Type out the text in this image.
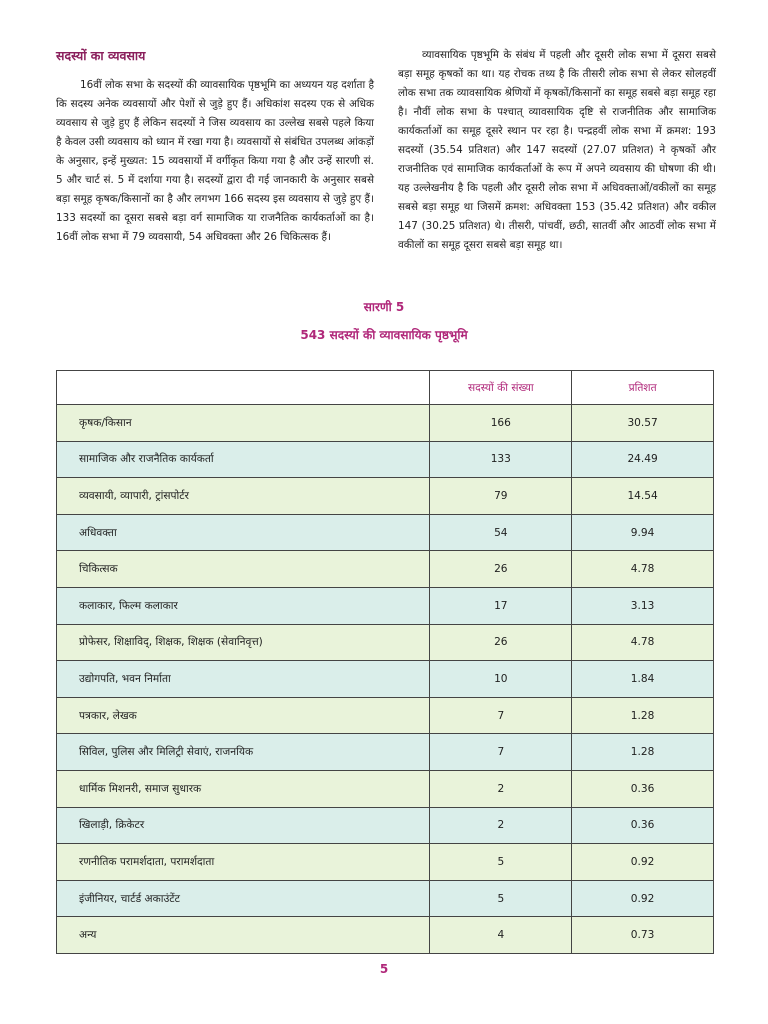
सदस्यों का व्यवसाय

16वीं लोक सभा के सदस्यों की व्यावसायिक पृष्ठभूमि का अध्ययन यह दर्शाता है कि सदस्य अनेक व्यवसायों और पेशों से जुड़े हुए हैं। अधिकांश सदस्य एक से अधिक व्यवसाय से जुड़े हुए हैं लेकिन सदस्यों ने जिस व्यवसाय का उल्लेख सबसे पहले किया है केवल उसी व्यवसाय को ध्यान में रखा गया है। व्यवसायों से संबंधित उपलब्ध आंकड़ों के अनुसार, इन्हें मुख्यत: 15 व्यवसायों में वर्गीकृत किया गया है और उन्हें सारणी सं. 5 और चार्ट सं. 5 में दर्शाया गया है। सदस्यों द्वारा दी गई जानकारी के अनुसार सबसे बड़ा समूह कृषक/किसानों का है और लगभग 166 सदस्य इस व्यवसाय से जुड़े हुए हैं। 133 सदस्यों का दूसरा सबसे बड़ा वर्ग सामाजिक या राजनैतिक कार्यकर्ताओं का है। 16वीं लोक सभा में 79 व्यवसायी, 54 अधिवक्ता और 26 चिकित्सक हैं।

व्यावसायिक पृष्ठभूमि के संबंध में पहली और दूसरी लोक सभा में दूसरा सबसे बड़ा समूह कृषकों का था। यह रोचक तथ्य है कि तीसरी लोक सभा से लेकर सोलहवीं लोक सभा तक व्यावसायिक श्रेणियों में कृषकों/किसानों का समूह सबसे बड़ा समूह रहा है। नौवीं लोक सभा के पश्चात् व्यावसायिक दृष्टि से राजनीतिक और सामाजिक कार्यकर्ताओं का समूह दूसरे स्थान पर रहा है। पन्द्रहवीं लोक सभा में क्रमश: 193 सदस्यों (35.54 प्रतिशत) और 147 सदस्यों (27.07 प्रतिशत) ने कृषकों और राजनीतिक एवं सामाजिक कार्यकर्ताओं के रूप में अपने व्यवसाय की घोषणा की थी। यह उल्लेखनीय है कि पहली और दूसरी लोक सभा में अधिवक्ताओं/वकीलों का समूह सबसे बड़ा समूह था जिसमें क्रमश: अधिवक्ता 153 (35.42 प्रतिशत) और वकील 147 (30.25 प्रतिशत) थे। तीसरी, पांचवीं, छठी, सातवीं और आठवीं लोक सभा में वकीलों का समूह दूसरा सबसे बड़ा समूह था।

सारणी 5
543 सदस्यों की व्यावसायिक पृष्ठभूमि
	सदस्यों की संख्या	प्रतिशत
कृषक/किसान	166	30.57
सामाजिक और राजनैतिक कार्यकर्ता	133	24.49
व्यवसायी, व्यापारी, ट्रांसपोर्टर	79	14.54
अधिवक्ता	54	9.94
चिकित्सक	26	4.78
कलाकार, फिल्म कलाकार	17	3.13
प्रोफेसर, शिक्षाविद्, शिक्षक, शिक्षक (सेवानिवृत्त)	26	4.78
उद्योगपति, भवन निर्माता	10	1.84
पत्रकार, लेखक	7	1.28
सिविल, पुलिस और मिलिट्री सेवाएं, राजनयिक	7	1.28
धार्मिक मिशनरी, समाज सुधारक	2	0.36
खिलाड़ी, क्रिकेटर	2	0.36
रणनीतिक परामर्शदाता, परामर्शदाता	5	0.92
इंजीनियर, चार्टर्ड अकाउंटेंट	5	0.92
अन्य	4	0.73
5
